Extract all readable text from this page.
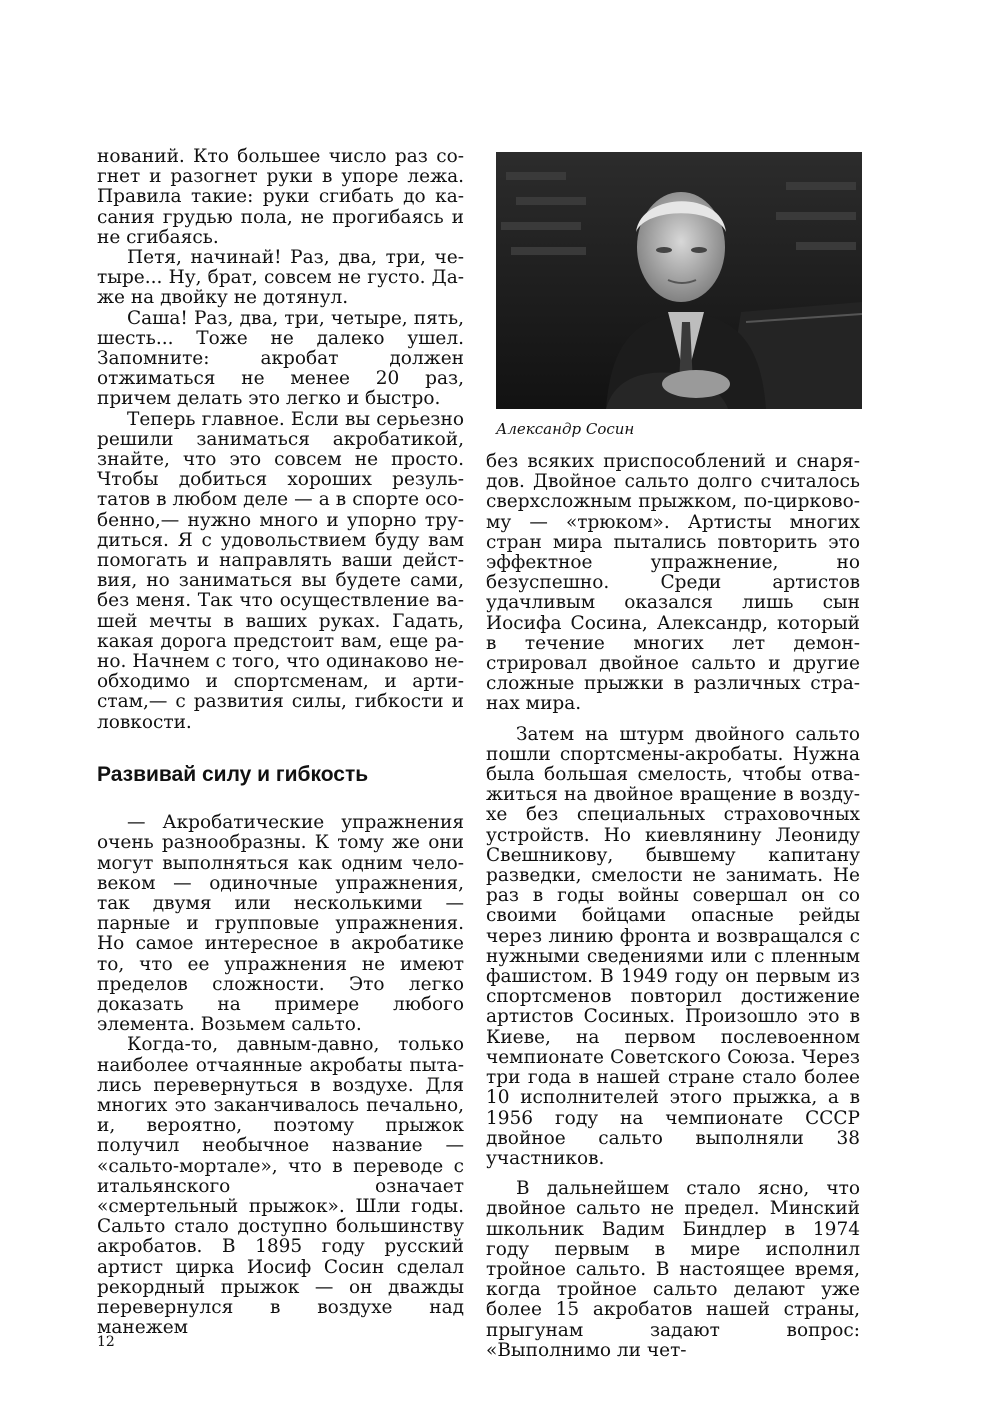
нований. Кто большее число раз согнет и разогнет руки в упоре лежа. Правила такие: руки сгибать до касания грудью пола, не прогибаясь и не сгибаясь.

Петя, начинай! Раз, два, три, четыре... Ну, брат, совсем не густо. Даже на двойку не дотянул.

Саша! Раз, два, три, четыре, пять, шесть... Тоже не далеко ушел. Запомните: акробат должен отжиматься не менее 20 раз, причем делать это легко и быстро.

Теперь главное. Если вы серьезно решили заниматься акробатикой, знайте, что это совсем не просто. Чтобы добиться хороших результатов в любом деле — а в спорте особенно,— нужно много и упорно трудиться. Я с удовольствием буду вам помогать и направлять ваши действия, но заниматься вы будете сами, без меня. Так что осуществление вашей мечты в ваших руках. Гадать, какая дорога предстоит вам, еще рано. Начнем с того, что одинаково необходимо и спортсменам, и артистам,— с развития силы, гибкости и ловкости.

Развивай силу и гибкость

— Акробатические упражнения очень разнообразны. К тому же они могут выполняться как одним человеком — одиночные упражнения, так двумя или несколькими — парные и групповые упражнения. Но самое интересное в акробатике то, что ее упражнения не имеют пределов сложности. Это легко доказать на примере любого элемента. Возьмем сальто.

Когда-то, давным-давно, только наиболее отчаянные акробаты пытались перевернуться в воздухе. Для многих это заканчивалось печально, и, вероятно, поэтому прыжок получил необычное название — «сальто-мортале», что в переводе с итальянского означает «смертельный прыжок». Шли годы. Сальто стало доступно большинству акробатов. В 1895 году русский артист цирка Иосиф Сосин сделал рекордный прыжок — он дважды перевернулся в воздухе над манежем

Александр Сосин

без всяких приспособлений и снарядов. Двойное сальто долго считалось сверхсложным прыжком, по-цирковому — «трюком». Артисты многих стран мира пытались повторить это эффектное упражнение, но безуспешно. Среди артистов удачливым оказался лишь сын Иосифа Сосина, Александр, который в течение многих лет демонстрировал двойное сальто и другие сложные прыжки в различных странах мира.

Затем на штурм двойного сальто пошли спортсмены-акробаты. Нужна была большая смелость, чтобы отважиться на двойное вращение в воздухе без специальных страховочных устройств. Но киевлянину Леониду Свешникову, бывшему капитану разведки, смелости не занимать. Не раз в годы войны совершал он со своими бойцами опасные рейды через линию фронта и возвращался с нужными сведениями или с пленным фашистом. В 1949 году он первым из спортсменов повторил достижение артистов Сосиных. Произошло это в Киеве, на первом послевоенном чемпионате Советского Союза. Через три года в нашей стране стало более 10 исполнителей этого прыжка, а в 1956 году на чемпионате СССР двойное сальто выполняли 38 участников.

В дальнейшем стало ясно, что двойное сальто не предел. Минский школьник Вадим Биндлер в 1974 году первым в мире исполнил тройное сальто. В настоящее время, когда тройное сальто делают уже более 15 акробатов нашей страны, прыгунам задают вопрос: «Выполнимо ли чет-

12
